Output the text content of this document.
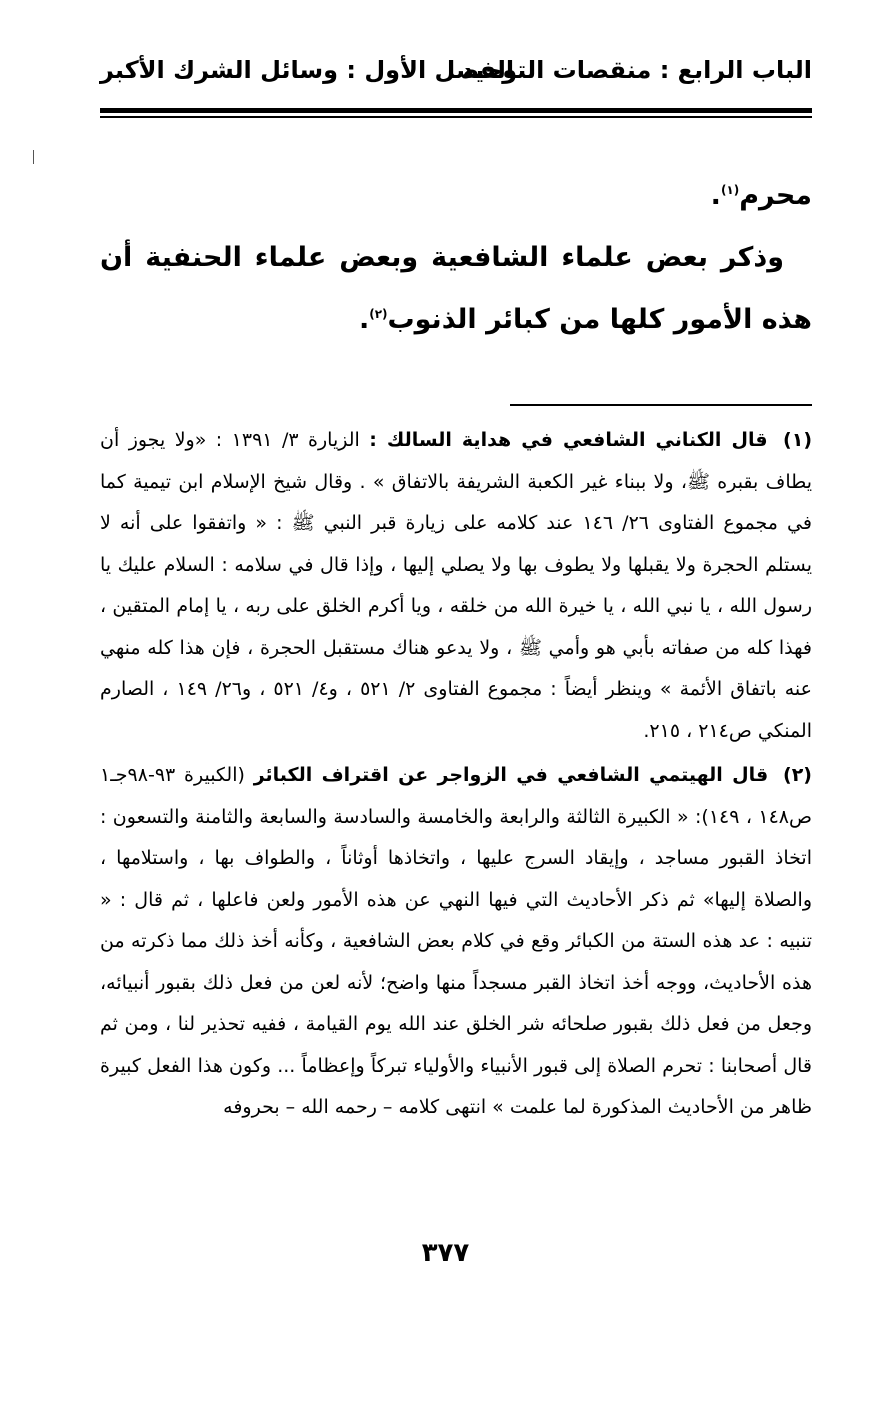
الباب الرابع : منقصات التوحيد
الفصل الأول : وسائل الشرك الأكبر

محرم$^{(١)}$.

وذكر بعض علماء الشافعية وبعض علماء الحنفية أن هذه الأمور كلها من كبائر الذنوب$^{(٢)}$.

(١) قال الكناني الشافعي في هداية السالك : الزيارة ٣/ ١٣٩١ : «ولا يجوز أن يطاف بقبره ﷺ، ولا ببناء غير الكعبة الشريفة بالاتفاق » . وقال شيخ الإسلام ابن تيمية كما في مجموع الفتاوى ٢٦/ ١٤٦ عند كلامه على زيارة قبر النبي ﷺ : « واتفقوا على أنه لا يستلم الحجرة ولا يقبلها ولا يطوف بها ولا يصلي إليها ، وإذا قال في سلامه : السلام عليك يا رسول الله ، يا نبي الله ، يا خيرة الله من خلقه ، ويا أكرم الخلق على ربه ، يا إمام المتقين ، فهذا كله من صفاته بأبي هو وأمي ﷺ ، ولا يدعو هناك مستقبل الحجرة ، فإن هذا كله منهي عنه باتفاق الأئمة » وينظر أيضاً : مجموع الفتاوى ٢/ ٥٢١ ، و٤/ ٥٢١ ، و٢٦/ ١٤٩ ، الصارم المنكي ص٢١٤ ، ٢١٥.

(٢) قال الهيتمي الشافعي في الزواجر عن اقتراف الكبائر (الكبيرة ٩٣-٩٨جـ١ ص١٤٨ ، ١٤٩): « الكبيرة الثالثة والرابعة والخامسة والسادسة والسابعة والثامنة والتسعون : اتخاذ القبور مساجد ، وإيقاد السرج عليها ، واتخاذها أوثاناً ، والطواف بها ، واستلامها ، والصلاة إليها» ثم ذكر الأحاديث التي فيها النهي عن هذه الأمور ولعن فاعلها ، ثم قال : « تنبيه : عد هذه الستة من الكبائر وقع في كلام بعض الشافعية ، وكأنه أخذ ذلك مما ذكرته من هذه الأحاديث، ووجه أخذ اتخاذ القبر مسجداً منها واضح؛ لأنه لعن من فعل ذلك بقبور أنبيائه، وجعل من فعل ذلك بقبور صلحائه شر الخلق عند الله يوم القيامة ، ففيه تحذير لنا ، ومن ثم قال أصحابنا : تحرم الصلاة إلى قبور الأنبياء والأولياء تبركاً وإعظاماً ... وكون هذا الفعل كبيرة ظاهر من الأحاديث المذكورة لما علمت » انتهى كلامه – رحمه الله – بحروفه

٣٧٧
